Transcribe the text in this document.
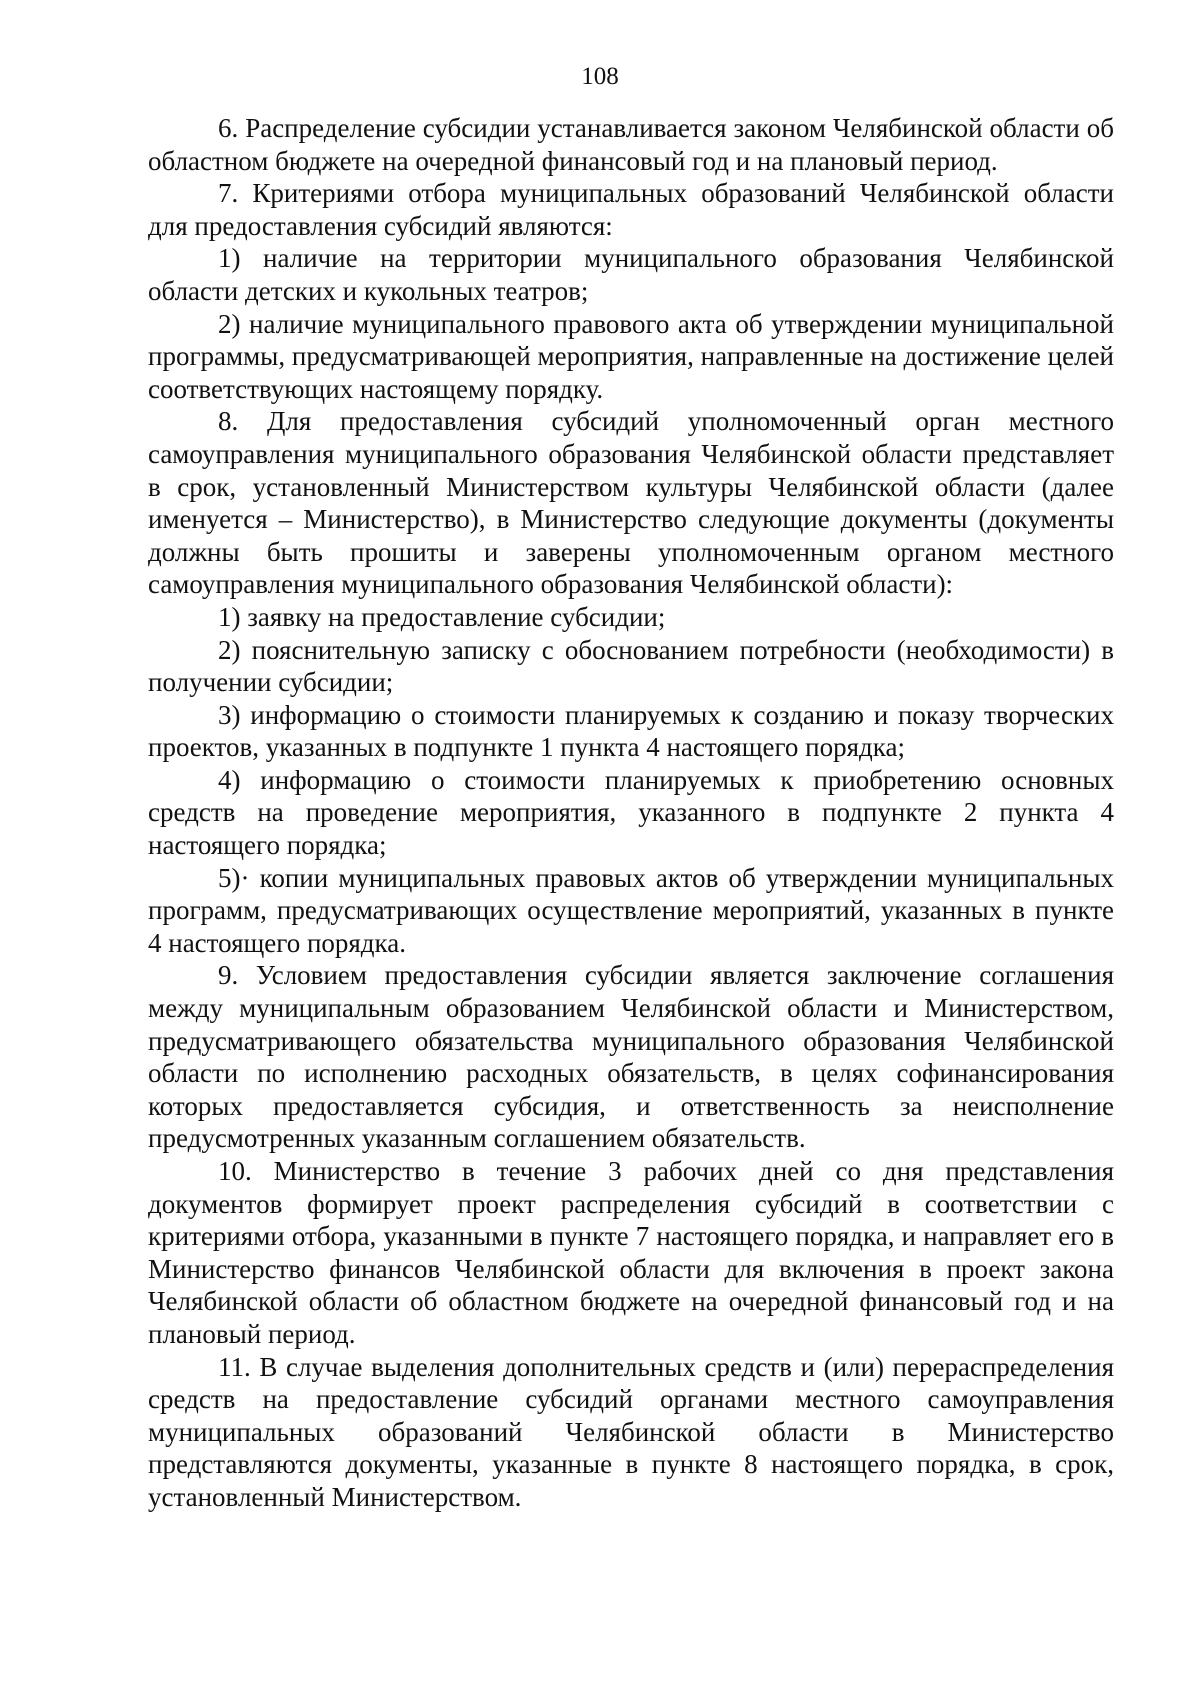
108

6. Распределение субсидии устанавливается законом Челябинской области об областном бюджете на очередной финансовый год и на плановый период.

7. Критериями отбора муниципальных образований Челябинской области для предоставления субсидий являются:

1) наличие на территории муниципального образования Челябинской области детских и кукольных театров;

2) наличие муниципального правового акта об утверждении муниципальной программы, предусматривающей мероприятия, направленные на достижение целей соответствующих настоящему порядку.

8. Для предоставления субсидий уполномоченный орган местного самоуправления муниципального образования Челябинской области представляет в срок, установленный Министерством культуры Челябинской области (далее именуется – Министерство), в Министерство следующие документы (документы должны быть прошиты и заверены уполномоченным органом местного самоуправления муниципального образования Челябинской области):

1) заявку на предоставление субсидии;

2) пояснительную записку с обоснованием потребности (необходимости) в получении субсидии;

3) информацию о стоимости планируемых к созданию и показу творческих проектов, указанных в подпункте 1 пункта 4 настоящего порядка;

4) информацию о стоимости планируемых к приобретению основных средств на проведение мероприятия, указанного в подпункте 2 пункта 4 настоящего порядка;

5)· копии муниципальных правовых актов об утверждении муниципальных программ, предусматривающих осуществление мероприятий, указанных в пункте 4 настоящего порядка.

9. Условием предоставления субсидии является заключение соглашения между муниципальным образованием Челябинской области и Министерством, предусматривающего обязательства муниципального образования Челябинской области по исполнению расходных обязательств, в целях софинансирования которых предоставляется субсидия, и ответственность за неисполнение предусмотренных указанным соглашением обязательств.

10. Министерство в течение 3 рабочих дней со дня представления документов формирует проект распределения субсидий в соответствии с критериями отбора, указанными в пункте 7 настоящего порядка, и направляет его в Министерство финансов Челябинской области для включения в проект закона Челябинской области об областном бюджете на очередной финансовый год и на плановый период.

11. В случае выделения дополнительных средств и (или) перераспределения средств на предоставление субсидий органами местного самоуправления муниципальных образований Челябинской области в Министерство представляются документы, указанные в пункте 8 настоящего порядка, в срок, установленный Министерством.
